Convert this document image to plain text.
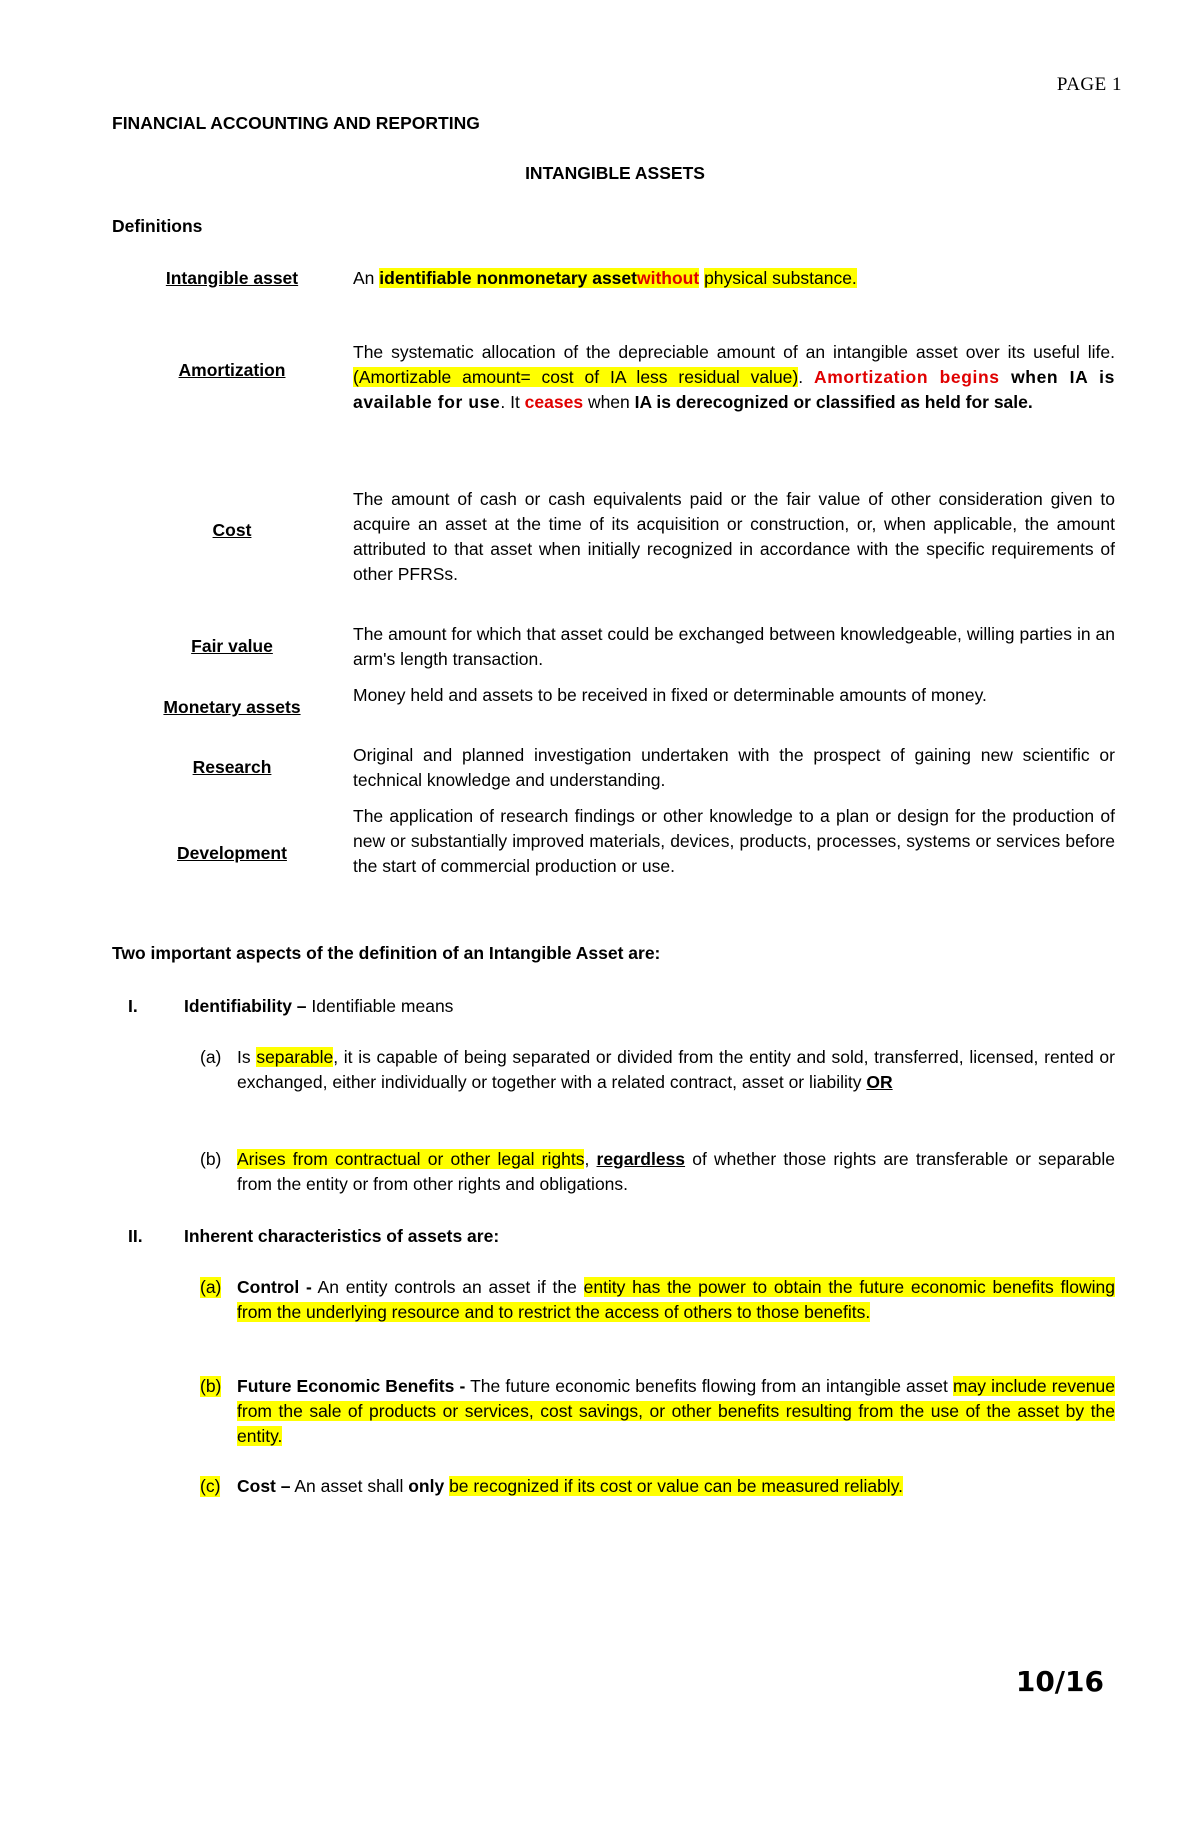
PAGE 1
FINANCIAL ACCOUNTING AND REPORTING
INTANGIBLE ASSETS
Definitions
Intangible asset	An identifiable nonmonetary assetwithout physical substance.
Amortization
The systematic allocation of the depreciable amount of an intangible asset over its useful life. (Amortizable amount= cost of IA less residual value). Amortization begins when IA is available for use. It ceases when IA is derecognized or classified as held for sale.
Cost
The amount of cash or cash equivalents paid or the fair value of other consideration given to acquire an asset at the time of its acquisition or construction, or, when applicable, the amount attributed to that asset when initially recognized in accordance with the specific requirements of other PFRSs.
Fair value
The amount for which that asset could be exchanged between knowledgeable, willing parties in an arm's length transaction.
Monetary assets
Money held and assets to be received in fixed or determinable amounts of money.
Research
Original and planned investigation undertaken with the prospect of gaining new scientific or technical knowledge and understanding.
Development
The application of research findings or other knowledge to a plan or design for the production of new or substantially improved materials, devices, products, processes, systems or services before the start of commercial production or use.
Two important aspects of the definition of an Intangible Asset are:
I.	Identifiability – Identifiable means
(a) Is separable, it is capable of being separated or divided from the entity and sold, transferred, licensed, rented or exchanged, either individually or together with a related contract, asset or liability OR
(b) Arises from contractual or other legal rights, regardless of whether those rights are transferable or separable from the entity or from other rights and obligations.
II. Inherent characteristics of assets are:
(a) Control - An entity controls an asset if the entity has the power to obtain the future economic benefits flowing from the underlying resource and to restrict the access of others to those benefits.
(b) Future Economic Benefits - The future economic benefits flowing from an intangible asset may include revenue from the sale of products or services, cost savings, or other benefits resulting from the use of the asset by the entity.
(c) Cost – An asset shall only be recognized if its cost or value can be measured reliably.
10/16
